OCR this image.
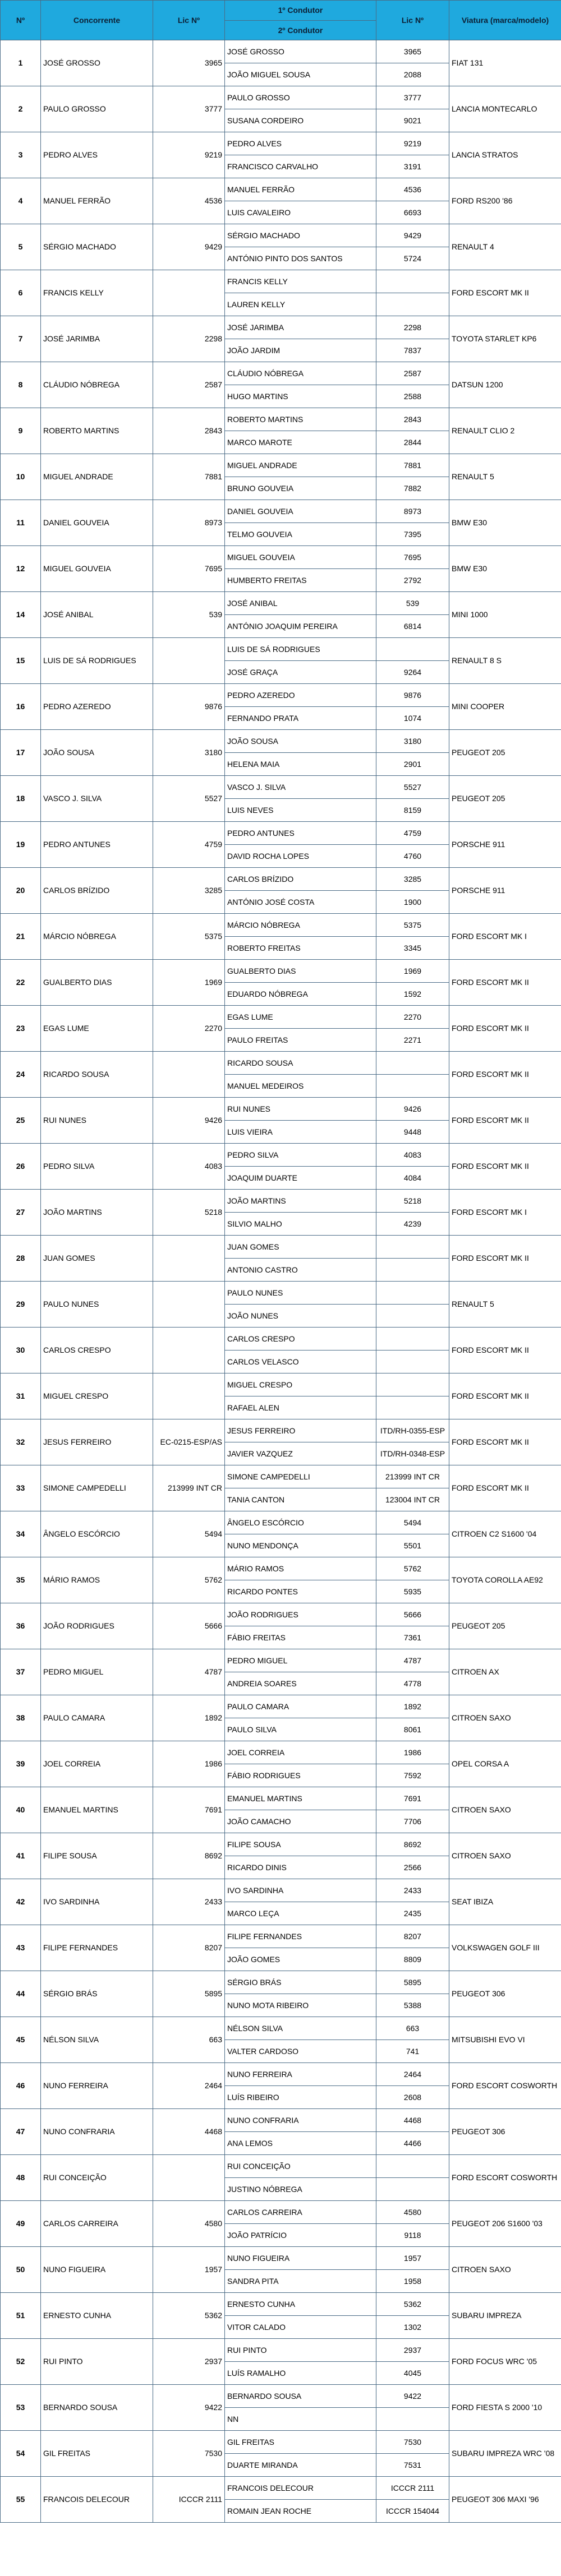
Nº	Concorrente	Lic Nº	1º Condutor	Lic Nº	Viatura (marca/modelo)
			2º Condutor		
1	JOSÉ GROSSO	3965	JOSÉ GROSSO	3965	FIAT 131
			JOÃO MIGUEL SOUSA	2088	
2	PAULO GROSSO	3777	PAULO GROSSO	3777	LANCIA MONTECARLO
			SUSANA CORDEIRO	9021	
3	PEDRO ALVES	9219	PEDRO ALVES	9219	LANCIA STRATOS
			FRANCISCO CARVALHO	3191	
4	MANUEL FERRÃO	4536	MANUEL FERRÃO	4536	FORD RS200 '86
			LUIS CAVALEIRO	6693	
5	SÉRGIO MACHADO	9429	SÉRGIO MACHADO	9429	RENAULT 4
			ANTÓNIO PINTO DOS SANTOS	5724	
6	FRANCIS KELLY		FRANCIS KELLY		FORD ESCORT MK II
			LAUREN KELLY		
7	JOSÉ JARIMBA	2298	JOSÉ JARIMBA	2298	TOYOTA STARLET KP6
			JOÃO JARDIM	7837	
8	CLÁUDIO NÓBREGA	2587	CLÁUDIO NÓBREGA	2587	DATSUN 1200
			HUGO MARTINS	2588	
9	ROBERTO MARTINS	2843	ROBERTO MARTINS	2843	RENAULT CLIO 2
			MARCO MAROTE	2844	
10	MIGUEL ANDRADE	7881	MIGUEL ANDRADE	7881	RENAULT 5
			BRUNO GOUVEIA	7882	
11	DANIEL GOUVEIA	8973	DANIEL GOUVEIA	8973	BMW E30
			TELMO GOUVEIA	7395	
12	MIGUEL GOUVEIA	7695	MIGUEL GOUVEIA	7695	BMW E30
			HUMBERTO FREITAS	2792	
14	JOSÉ ANIBAL	539	JOSÉ ANIBAL	539	MINI 1000
			ANTÓNIO JOAQUIM PEREIRA	6814	
15	LUIS DE SÁ RODRIGUES		LUIS DE SÁ RODRIGUES		RENAULT 8 S
			JOSÉ GRAÇA	9264	
16	PEDRO AZEREDO	9876	PEDRO AZEREDO	9876	MINI COOPER
			FERNANDO PRATA	1074	
17	JOÃO SOUSA	3180	JOÃO SOUSA	3180	PEUGEOT 205
			HELENA MAIA	2901	
18	VASCO J. SILVA	5527	VASCO J. SILVA	5527	PEUGEOT 205
			LUIS NEVES	8159	
19	PEDRO ANTUNES	4759	PEDRO ANTUNES	4759	PORSCHE 911
			DAVID ROCHA LOPES	4760	
20	CARLOS BRÍZIDO	3285	CARLOS BRÍZIDO	3285	PORSCHE 911
			ANTÓNIO JOSÉ COSTA	1900	
21	MÁRCIO NÓBREGA	5375	MÁRCIO NÓBREGA	5375	FORD ESCORT MK I
			ROBERTO FREITAS	3345	
22	GUALBERTO DIAS	1969	GUALBERTO DIAS	1969	FORD ESCORT MK II
			EDUARDO NÓBREGA	1592	
23	EGAS LUME	2270	EGAS LUME	2270	FORD ESCORT MK II
			PAULO FREITAS	2271	
24	RICARDO SOUSA		RICARDO SOUSA		FORD ESCORT MK II
			MANUEL MEDEIROS		
25	RUI NUNES	9426	RUI NUNES	9426	FORD ESCORT MK II
			LUIS VIEIRA	9448	
26	PEDRO SILVA	4083	PEDRO SILVA	4083	FORD ESCORT MK II
			JOAQUIM DUARTE	4084	
27	JOÃO MARTINS	5218	JOÃO MARTINS	5218	FORD ESCORT MK I
			SILVIO MALHO	4239	
28	JUAN GOMES		JUAN GOMES		FORD ESCORT MK II
			ANTONIO CASTRO		
29	PAULO NUNES		PAULO NUNES		RENAULT 5
			JOÃO NUNES		
30	CARLOS CRESPO		CARLOS CRESPO		FORD ESCORT MK II
			CARLOS VELASCO		
31	MIGUEL CRESPO		MIGUEL CRESPO		FORD ESCORT MK II
			RAFAEL ALEN		
32	JESUS FERREIRO	EC-0215-ESP/AS	JESUS FERREIRO	ITD/RH-0355-ESP	FORD ESCORT MK II
			JAVIER VAZQUEZ	ITD/RH-0348-ESP	
33	SIMONE CAMPEDELLI	213999 INT CR	SIMONE CAMPEDELLI	213999 INT CR	FORD ESCORT MK II
			TANIA CANTON	123004 INT CR	
34	ÂNGELO ESCÓRCIO	5494	ÂNGELO ESCÓRCIO	5494	CITROEN C2 S1600 '04
			NUNO MENDONÇA	5501	
35	MÁRIO RAMOS	5762	MÁRIO RAMOS	5762	TOYOTA COROLLA AE92
			RICARDO PONTES	5935	
36	JOÃO RODRIGUES	5666	JOÃO RODRIGUES	5666	PEUGEOT 205
			FÁBIO FREITAS	7361	
37	PEDRO MIGUEL	4787	PEDRO MIGUEL	4787	CITROEN AX
			ANDREIA SOARES	4778	
38	PAULO CAMARA	1892	PAULO CAMARA	1892	CITROEN SAXO
			PAULO SILVA	8061	
39	JOEL CORREIA	1986	JOEL CORREIA	1986	OPEL CORSA A
			FÁBIO RODRIGUES	7592	
40	EMANUEL MARTINS	7691	EMANUEL MARTINS	7691	CITROEN SAXO
			JOÃO CAMACHO	7706	
41	FILIPE SOUSA	8692	FILIPE SOUSA	8692	CITROEN SAXO
			RICARDO DINIS	2566	
42	IVO SARDINHA	2433	IVO SARDINHA	2433	SEAT IBIZA
			MARCO LEÇA	2435	
43	FILIPE FERNANDES	8207	FILIPE FERNANDES	8207	VOLKSWAGEN GOLF III
			JOÃO GOMES	8809	
44	SÉRGIO BRÁS	5895	SÉRGIO BRÁS	5895	PEUGEOT 306
			NUNO MOTA RIBEIRO	5388	
45	NÉLSON SILVA	663	NÉLSON SILVA	663	MITSUBISHI EVO VI
			VALTER CARDOSO	741	
46	NUNO FERREIRA	2464	NUNO FERREIRA	2464	FORD ESCORT COSWORTH
			LUÍS RIBEIRO	2608	
47	NUNO CONFRARIA	4468	NUNO CONFRARIA	4468	PEUGEOT 306
			ANA LEMOS	4466	
48	RUI CONCEIÇÃO		RUI CONCEIÇÃO		FORD ESCORT COSWORTH
			JUSTINO NÓBREGA		
49	CARLOS CARREIRA	4580	CARLOS CARREIRA	4580	PEUGEOT 206 S1600 '03
			JOÃO PATRÍCIO	9118	
50	NUNO FIGUEIRA	1957	NUNO FIGUEIRA	1957	CITROEN SAXO
			SANDRA PITA	1958	
51	ERNESTO CUNHA	5362	ERNESTO CUNHA	5362	SUBARU IMPREZA
			VITOR CALADO	1302	
52	RUI PINTO	2937	RUI PINTO	2937	FORD FOCUS WRC '05
			LUÍS RAMALHO	4045	
53	BERNARDO SOUSA	9422	BERNARDO SOUSA	9422	FORD FIESTA S 2000 '10
			NN		
54	GIL FREITAS	7530	GIL FREITAS	7530	SUBARU IMPREZA WRC '08
			DUARTE MIRANDA	7531	
55	FRANCOIS DELECOUR	ICCCR 2111	FRANCOIS DELECOUR	ICCCR 2111	PEUGEOT 306 MAXI '96
			ROMAIN JEAN ROCHE	ICCCR 154044	
